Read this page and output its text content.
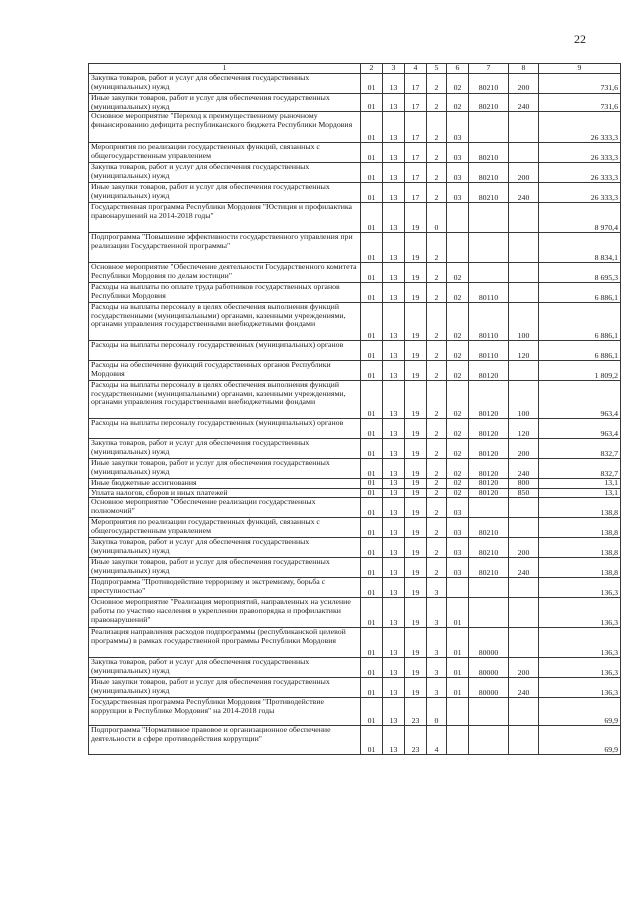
22
1	2	3	4	5	6	7	8	9
Закупка товаров, работ и услуг для обеспечения государственных (муниципальных) нужд	01	13	17	2	02	80210	200	731,6
Иные закупки товаров, работ и услуг для обеспечения государственных (муниципальных) нужд	01	13	17	2	02	80210	240	731,6
Основное мероприятие "Переход к преимущественному рыночному финансированию дефицита республиканского бюджета Республики Мордовия	01	13	17	2	03			26 333,3
Мероприятия по реализации государственных функций, связанных с общегосударственным управлением	01	13	17	2	03	80210		26 333,3
Закупка товаров, работ и услуг для обеспечения государственных (муниципальных) нужд	01	13	17	2	03	80210	200	26 333,3
Иные закупки товаров, работ и услуг для обеспечения государственных (муниципальных) нужд	01	13	17	2	03	80210	240	26 333,3
Государственная программа Республики Мордовия "Юстиция и профилактика правонарушений на 2014-2018 годы"	01	13	19	0				8 970,4
Подпрограмма "Повышение эффективности государственного управления при реализации Государственной программы"	01	13	19	2				8 834,1
Основное мероприятие "Обеспечение деятельности Государственного комитета Республики Мордовия по делам юстиции"	01	13	19	2	02			8 695,3
Расходы на выплаты по оплате труда работников государственных органов Республики Мордовия	01	13	19	2	02	80110		6 886,1
Расходы на выплаты персоналу в целях обеспечения выполнения функций государственными (муниципальными) органами, казенными учреждениями, органами управления государственными внебюджетными фондами	01	13	19	2	02	80110	100	6 886,1
Расходы на выплаты персоналу государственных (муниципальных) органов	01	13	19	2	02	80110	120	6 886,1
Расходы на обеспечение функций государственных органов Республики Мордовия	01	13	19	2	02	80120		1 809,2
Расходы на выплаты персоналу в целях обеспечения выполнения функций государственными (муниципальными) органами, казенными учреждениями, органами управления государственными внебюджетными фондами	01	13	19	2	02	80120	100	963,4
Расходы на выплаты персоналу государственных (муниципальных) органов	01	13	19	2	02	80120	120	963,4
Закупка товаров, работ и услуг для обеспечения государственных (муниципальных) нужд	01	13	19	2	02	80120	200	832,7
Иные закупки товаров, работ и услуг для обеспечения государственных (муниципальных) нужд	01	13	19	2	02	80120	240	832,7
Иные бюджетные ассигнования	01	13	19	2	02	80120	800	13,1
Уплата налогов, сборов и иных платежей	01	13	19	2	02	80120	850	13,1
Основное мероприятие "Обеспечение реализации государственных полномочий"	01	13	19	2	03			138,8
Мероприятия по реализации государственных функций, связанных с общегосударственным управлением	01	13	19	2	03	80210		138,8
Закупка товаров, работ и услуг для обеспечения государственных (муниципальных) нужд	01	13	19	2	03	80210	200	138,8
Иные закупки товаров, работ и услуг для обеспечения государственных (муниципальных) нужд	01	13	19	2	03	80210	240	138,8
Подпрограмма "Противодействие терроризму и экстремизму, борьба с преступностью"	01	13	19	3				136,3
Основное мероприятие "Реализация мероприятий, направленных на усиление работы по участию населения в укреплении правопорядка и профилактики правонарушений"	01	13	19	3	01			136,3
Реализация направления расходов подпрограммы (республиканской целевой программы) в рамках государственной программы Республики Мордовия	01	13	19	3	01	80000		136,3
Закупка товаров, работ и услуг для обеспечения государственных (муниципальных) нужд	01	13	19	3	01	80000	200	136,3
Иные закупки товаров, работ и услуг для обеспечения государственных (муниципальных) нужд	01	13	19	3	01	80000	240	136,3
Государственная программа Республики Мордовия "Противодействие коррупции в Республике Мордовия" на 2014-2018 годы	01	13	23	0				69,9
Подпрограмма "Нормативное правовое и организационное обеспечение деятельности в сфере противодействия коррупции"	01	13	23	4				69,9
